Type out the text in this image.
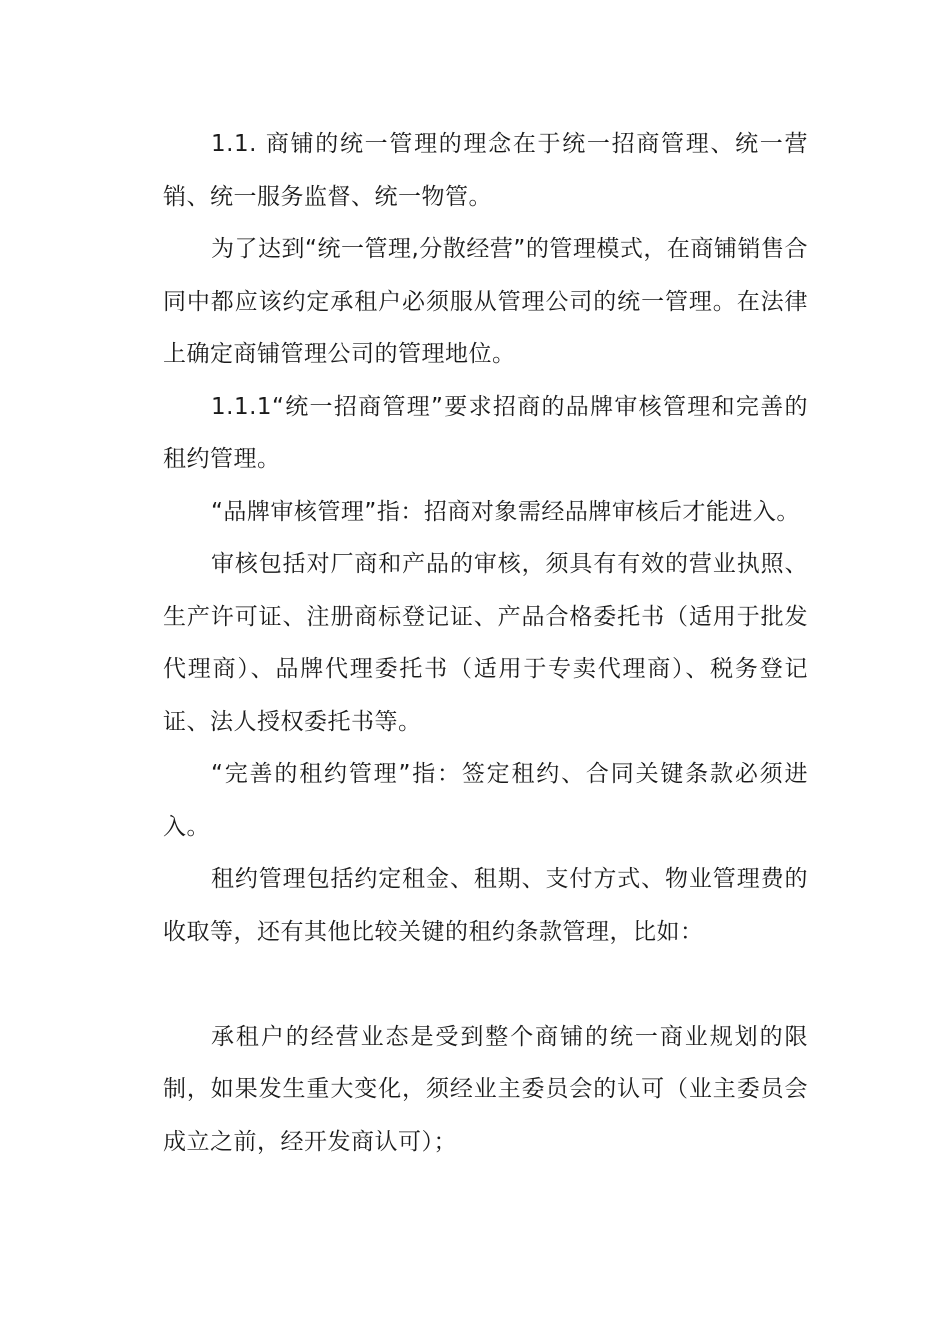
1.1. 商铺的统一管理的理念在于统一招商管理、统一营销、统一服务监督、统一物管。

为了达到“统一管理,分散经营”的管理模式，在商铺销售合同中都应该约定承租户必须服从管理公司的统一管理。在法律上确定商铺管理公司的管理地位。

1.1.1“统一招商管理”要求招商的品牌审核管理和完善的租约管理。

“品牌审核管理”指：招商对象需经品牌审核后才能进入。

审核包括对厂商和产品的审核，须具有有效的营业执照、生产许可证、注册商标登记证、产品合格委托书（适用于批发代理商）、品牌代理委托书（适用于专卖代理商）、税务登记证、法人授权委托书等。

“完善的租约管理”指：签定租约、合同关键条款必须进入。

租约管理包括约定租金、租期、支付方式、物业管理费的收取等，还有其他比较关键的租约条款管理，比如：

承租户的经营业态是受到整个商铺的统一商业规划的限制，如果发生重大变化，须经业主委员会的认可（业主委员会成立之前，经开发商认可）；
